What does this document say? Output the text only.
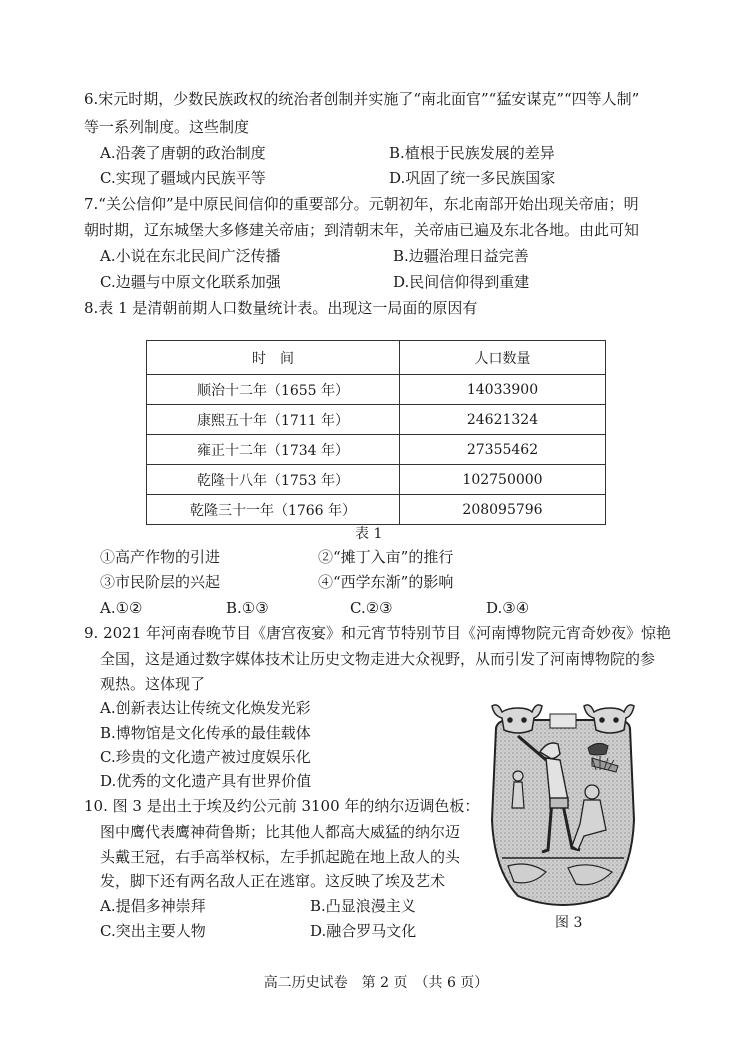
6.宋元时期，少数民族政权的统治者创制并实施了“南北面官”“猛安谋克”“四等人制”
等一系列制度。这些制度
A.沿袭了唐朝的政治制度	B.植根于民族发展的差异
C.实现了疆域内民族平等	D.巩固了统一多民族国家
7.“关公信仰”是中原民间信仰的重要部分。元朝初年，东北南部开始出现关帝庙；明
朝时期，辽东城堡大多修建关帝庙；到清朝末年，关帝庙已遍及东北各地。由此可知
A.小说在东北民间广泛传播	B.边疆治理日益完善
C.边疆与中原文化联系加强	D.民间信仰得到重建
8.表 1 是清朝前期人口数量统计表。出现这一局面的原因有
时　间	人口数量
顺治十二年（1655 年）	14033900
康熙五十年（1711 年）	24621324
雍正十二年（1734 年）	27355462
乾隆十八年（1753 年）	102750000
乾隆三十一年（1766 年）	208095796
表 1
①高产作物的引进	②“摊丁入亩”的推行
③市民阶层的兴起	④“西学东渐”的影响
A.①②	B.①③	C.②③	D.③④
9. 2021 年河南春晚节目《唐宫夜宴》和元宵节特别节目《河南博物院元宵奇妙夜》惊艳
全国，这是通过数字媒体技术让历史文物走进大众视野，从而引发了河南博物院的参
观热。这体现了
A.创新表达让传统文化焕发光彩
B.博物馆是文化传承的最佳载体
C.珍贵的文化遗产被过度娱乐化
D.优秀的文化遗产具有世界价值
10. 图 3 是出土于埃及约公元前 3100 年的纳尔迈调色板：
图中鹰代表鹰神荷鲁斯；比其他人都高大威猛的纳尔迈
头戴王冠，右手高举权标，左手抓起跪在地上敌人的头
发，脚下还有两名敌人正在逃窜。这反映了埃及艺术
A.提倡多神崇拜	B.凸显浪漫主义
C.突出主要人物	D.融合罗马文化	图 3
高二历史试卷　第 2 页　（共 6 页）
